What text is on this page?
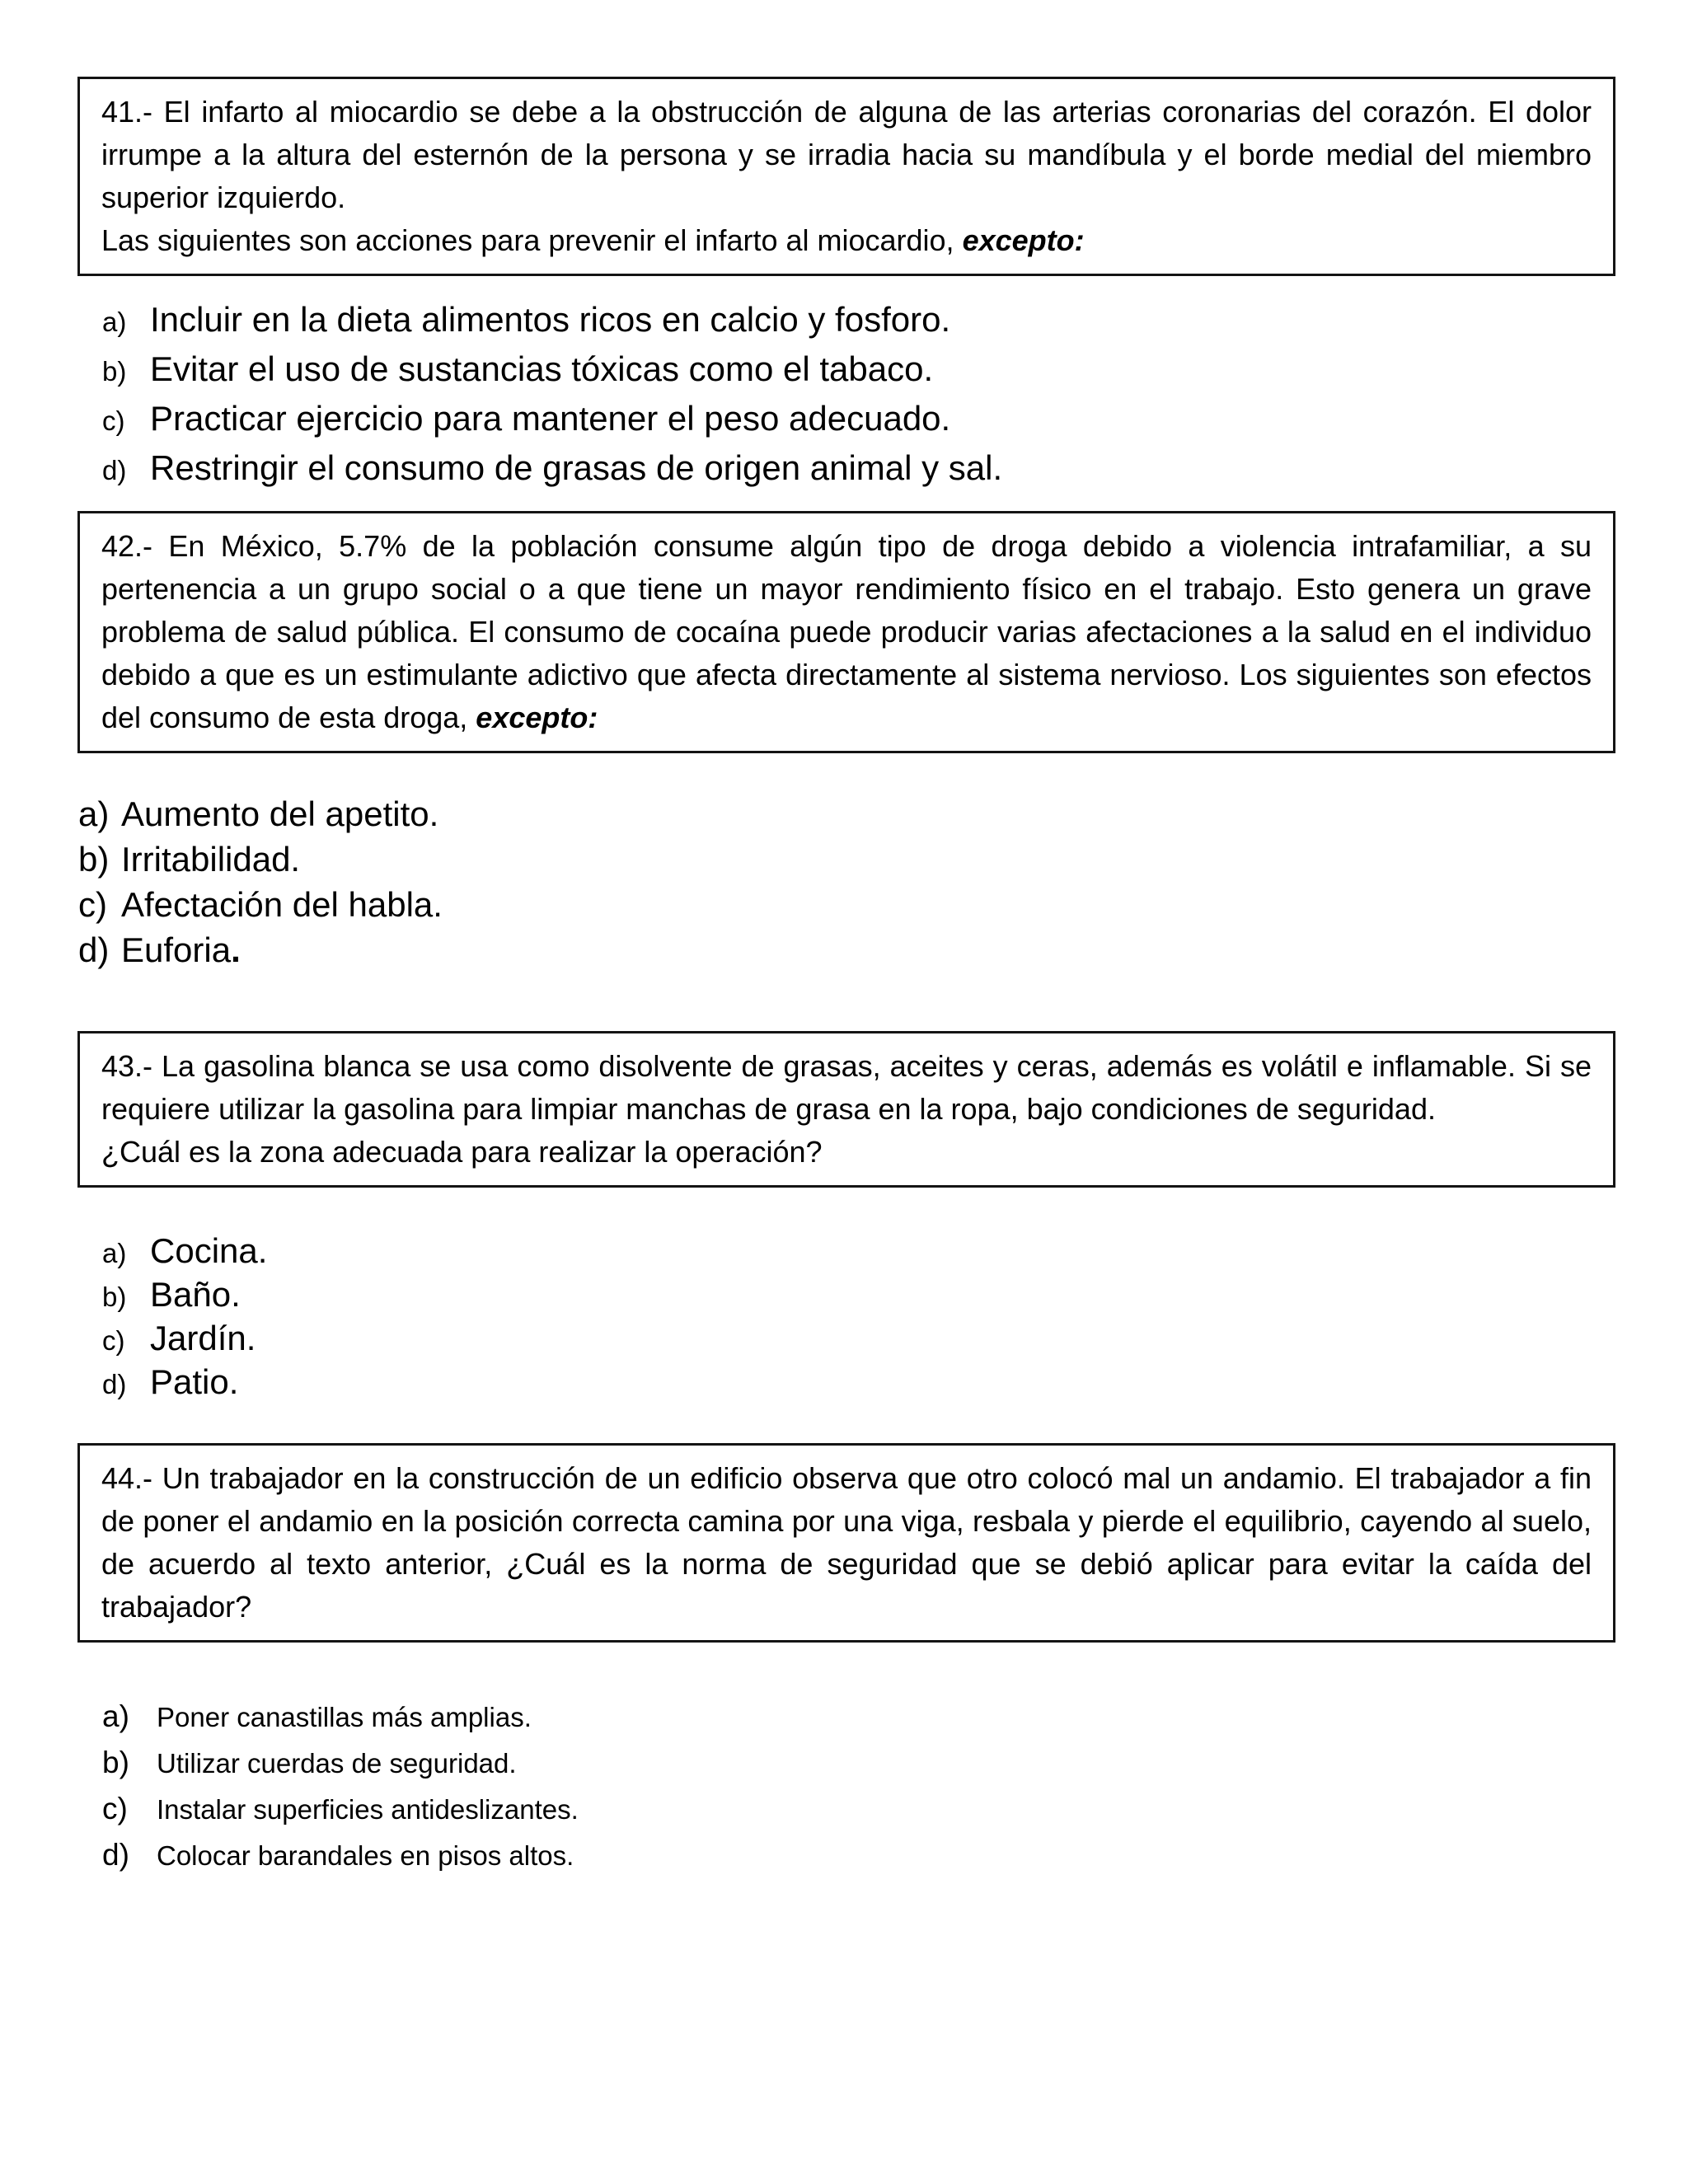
41.- El infarto al miocardio se debe a la obstrucción de alguna de las arterias coronarias del corazón. El dolor irrumpe a la altura del esternón de la persona y se irradia hacia su mandíbula y el borde medial del miembro superior izquierdo.

Las siguientes son acciones para prevenir el infarto al miocardio, excepto:

a) Incluir en la dieta alimentos ricos en calcio y fosforo.
b) Evitar el uso de sustancias tóxicas como el tabaco.
c) Practicar ejercicio para mantener el peso adecuado.
d) Restringir el consumo de grasas de origen animal y sal.

42.- En México, 5.7% de la población consume algún tipo de droga debido a violencia intrafamiliar, a su pertenencia a un grupo social o a que tiene un mayor rendimiento físico en el trabajo. Esto genera un grave problema de salud pública. El consumo de cocaína puede producir varias afectaciones a la salud en el individuo debido a que es un estimulante adictivo que afecta directamente al sistema nervioso. Los siguientes son efectos del consumo de esta droga, excepto:

a) Aumento del apetito.
b) Irritabilidad.
c) Afectación del habla.
d) Euforia.

43.- La gasolina blanca se usa como disolvente de grasas, aceites y ceras, además es volátil e inflamable. Si se requiere utilizar la gasolina para limpiar manchas de grasa en la ropa, bajo condiciones de seguridad.

¿Cuál es la zona adecuada para realizar la operación?

a) Cocina.
b) Baño.
c) Jardín.
d) Patio.

44.- Un trabajador en la construcción de un edificio observa que otro colocó mal un andamio. El trabajador a fin de poner el andamio en la posición correcta camina por una viga, resbala y pierde el equilibrio, cayendo al suelo, de acuerdo al texto anterior, ¿Cuál es la norma de seguridad que se debió aplicar para evitar la caída del trabajador?

a)	Poner canastillas más amplias.
b)	Utilizar cuerdas de seguridad.
c)	Instalar superficies antideslizantes.
d)	Colocar barandales en pisos altos.
